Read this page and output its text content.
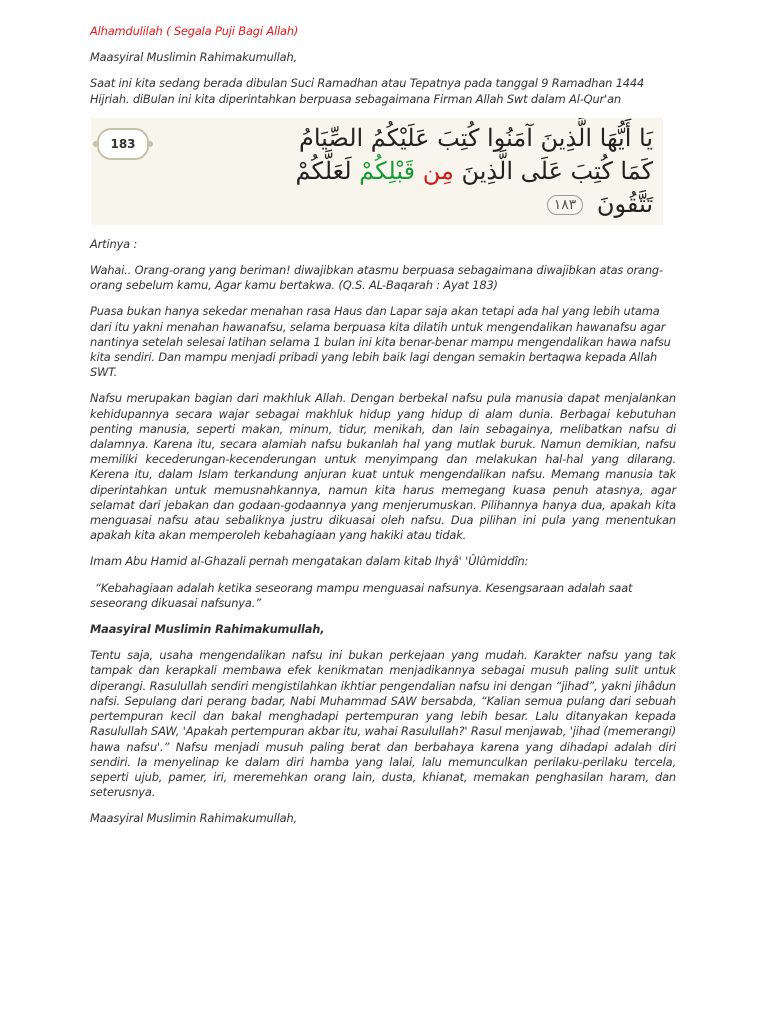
Alhamdulilah ( Segala Puji Bagi Allah)

Maasyiral Muslimin Rahimakumullah,

Saat ini kita sedang berada dibulan Suci Ramadhan atau Tepatnya pada tanggal 9 Ramadhan 1444 Hijriah. diBulan ini kita diperintahkan berpuasa sebagaimana Firman Allah Swt dalam Al-Qur'an

183	يَا أَيُّهَا الَّذِينَ آمَنُوا كُتِبَ عَلَيْكُمُ الصِّيَامُ
كَمَا كُتِبَ عَلَى الَّذِينَ مِن قَبْلِكُمْ لَعَلَّكُمْ
تَتَّقُونَ ١٨٣

Artinya :

Wahai.. Orang-orang yang beriman! diwajibkan atasmu berpuasa sebagaimana diwajibkan atas orang-orang sebelum kamu, Agar kamu bertakwa. (Q.S. AL-Baqarah : Ayat 183)

Puasa bukan hanya sekedar menahan rasa Haus dan Lapar saja akan tetapi ada hal yang lebih utama dari itu yakni menahan hawanafsu, selama berpuasa kita dilatih untuk mengendalikan hawanafsu agar nantinya setelah selesai latihan selama 1 bulan ini kita benar-benar mampu mengendalikan hawa nafsu kita sendiri. Dan mampu menjadi pribadi yang lebih baik lagi dengan semakin bertaqwa kepada Allah SWT.

Nafsu merupakan bagian dari makhluk Allah. Dengan berbekal nafsu pula manusia dapat menjalankan kehidupannya secara wajar sebagai makhluk hidup yang hidup di alam dunia. Berbagai kebutuhan penting manusia, seperti makan, minum, tidur, menikah, dan lain sebagainya, melibatkan nafsu di dalamnya. Karena itu, secara alamiah nafsu bukanlah hal yang mutlak buruk. Namun demikian, nafsu memiliki kecederungan-kecenderungan untuk menyimpang dan melakukan hal-hal yang dilarang. Kerena itu, dalam Islam terkandung anjuran kuat untuk mengendalikan nafsu. Memang manusia tak diperintahkan untuk memusnahkannya, namun kita harus memegang kuasa penuh atasnya, agar selamat dari jebakan dan godaan-godaannya yang menjerumuskan. Pilihannya hanya dua, apakah kita menguasai nafsu atau sebaliknya justru dikuasai oleh nafsu. Dua pilihan ini pula yang menentukan apakah kita akan memperoleh kebahagiaan yang hakiki atau tidak.

Imam Abu Hamid al-Ghazali pernah mengatakan dalam kitab Ihyâ' 'Ûlûmiddîn:

“Kebahagiaan adalah ketika seseorang mampu menguasai nafsunya. Kesengsaraan adalah saat seseorang dikuasai nafsunya.”

Maasyiral Muslimin Rahimakumullah,

Tentu saja, usaha mengendalikan nafsu ini bukan perkejaan yang mudah. Karakter nafsu yang tak tampak dan kerapkali membawa efek kenikmatan menjadikannya sebagai musuh paling sulit untuk diperangi. Rasulullah sendiri mengistilahkan ikhtiar pengendalian nafsu ini dengan “jihad”, yakni jihâdun nafsi. Sepulang dari perang badar, Nabi Muhammad SAW bersabda, “Kalian semua pulang dari sebuah pertempuran kecil dan bakal menghadapi pertempuran yang lebih besar. Lalu ditanyakan kepada Rasulullah SAW, 'Apakah pertempuran akbar itu, wahai Rasulullah?' Rasul menjawab, 'jihad (memerangi) hawa nafsu'.” Nafsu menjadi musuh paling berat dan berbahaya karena yang dihadapi adalah diri sendiri. Ia menyelinap ke dalam diri hamba yang lalai, lalu memunculkan perilaku-perilaku tercela, seperti ujub, pamer, iri, meremehkan orang lain, dusta, khianat, memakan penghasilan haram, dan seterusnya.

Maasyiral Muslimin Rahimakumullah,
